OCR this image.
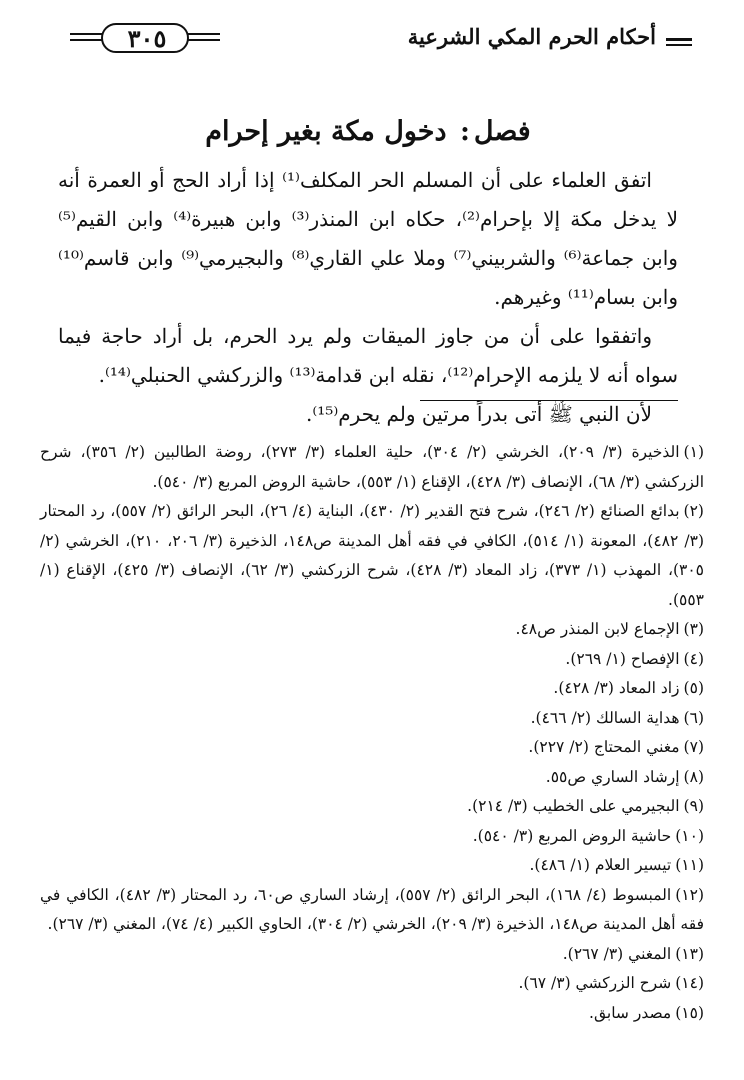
٣٠٥	أحكام الحرم المكي الشرعية
فصل: دخول مكة بغير إحرام

اتفق العلماء على أن المسلم الحر المكلف⁽¹⁾ إذا أراد الحج أو العمرة أنه لا يدخل مكة إلا بإحرام⁽²⁾، حكاه ابن المنذر⁽³⁾ وابن هبيرة⁽⁴⁾ وابن القيم⁽⁵⁾ وابن جماعة⁽⁶⁾ والشربيني⁽⁷⁾ وملا علي القاري⁽⁸⁾ والبجيرمي⁽⁹⁾ وابن قاسم⁽¹⁰⁾ وابن بسام⁽¹¹⁾ وغيرهم.

واتفقوا على أن من جاوز الميقات ولم يرد الحرم، بل أراد حاجة فيما سواه أنه لا يلزمه الإحرام⁽¹²⁾، نقله ابن قدامة⁽¹³⁾ والزركشي الحنبلي⁽¹⁴⁾.

لأن النبي ﷺ أتى بدراً مرتين ولم يحرم⁽¹⁵⁾.

(١)الذخيرة (٣/ ٢٠٩)، الخرشي (٢/ ٣٠٤)، حلية العلماء (٣/ ٢٧٣)، روضة الطالبين (٢/ ٣٥٦)، شرح الزركشي (٣/ ٦٨)، الإنصاف (٣/ ٤٢٨)، الإقناع (١/ ٥٥٣)، حاشية الروض المربع (٣/ ٥٤٠).

(٢)بدائع الصنائع (٢/ ٢٤٦)، شرح فتح القدير (٢/ ٤٣٠)، البناية (٤/ ٢٦)، البحر الرائق (٢/ ٥٥٧)، رد المحتار (٣/ ٤٨٢)، المعونة (١/ ٥١٤)، الكافي في فقه أهل المدينة ص١٤٨، الذخيرة (٣/ ٢٠٦، ٢١٠)، الخرشي (٢/ ٣٠٥)، المهذب (١/ ٣٧٣)، زاد المعاد (٣/ ٤٢٨)، شرح الزركشي (٣/ ٦٢)، الإنصاف (٣/ ٤٢٥)، الإقناع (١/ ٥٥٣).

(٣)الإجماع لابن المنذر ص٤٨.

(٤)الإفصاح (١/ ٢٦٩).

(٥)زاد المعاد (٣/ ٤٢٨).

(٦)هداية السالك (٢/ ٤٦٦).

(٧)مغني المحتاج (٢/ ٢٢٧).

(٨)إرشاد الساري ص٥٥.

(٩)البجيرمي على الخطيب (٣/ ٢١٤).

(١٠)حاشية الروض المربع (٣/ ٥٤٠).

(١١)تيسير العلام (١/ ٤٨٦).

(١٢)المبسوط (٤/ ١٦٨)، البحر الرائق (٢/ ٥٥٧)، إرشاد الساري ص٦٠، رد المحتار (٣/ ٤٨٢)، الكافي في فقه أهل المدينة ص١٤٨، الذخيرة (٣/ ٢٠٩)، الخرشي (٢/ ٣٠٤)، الحاوي الكبير (٤/ ٧٤)، المغني (٣/ ٢٦٧).

(١٣)المغني (٣/ ٢٦٧).

(١٤)شرح الزركشي (٣/ ٦٧).

(١٥)مصدر سابق.
